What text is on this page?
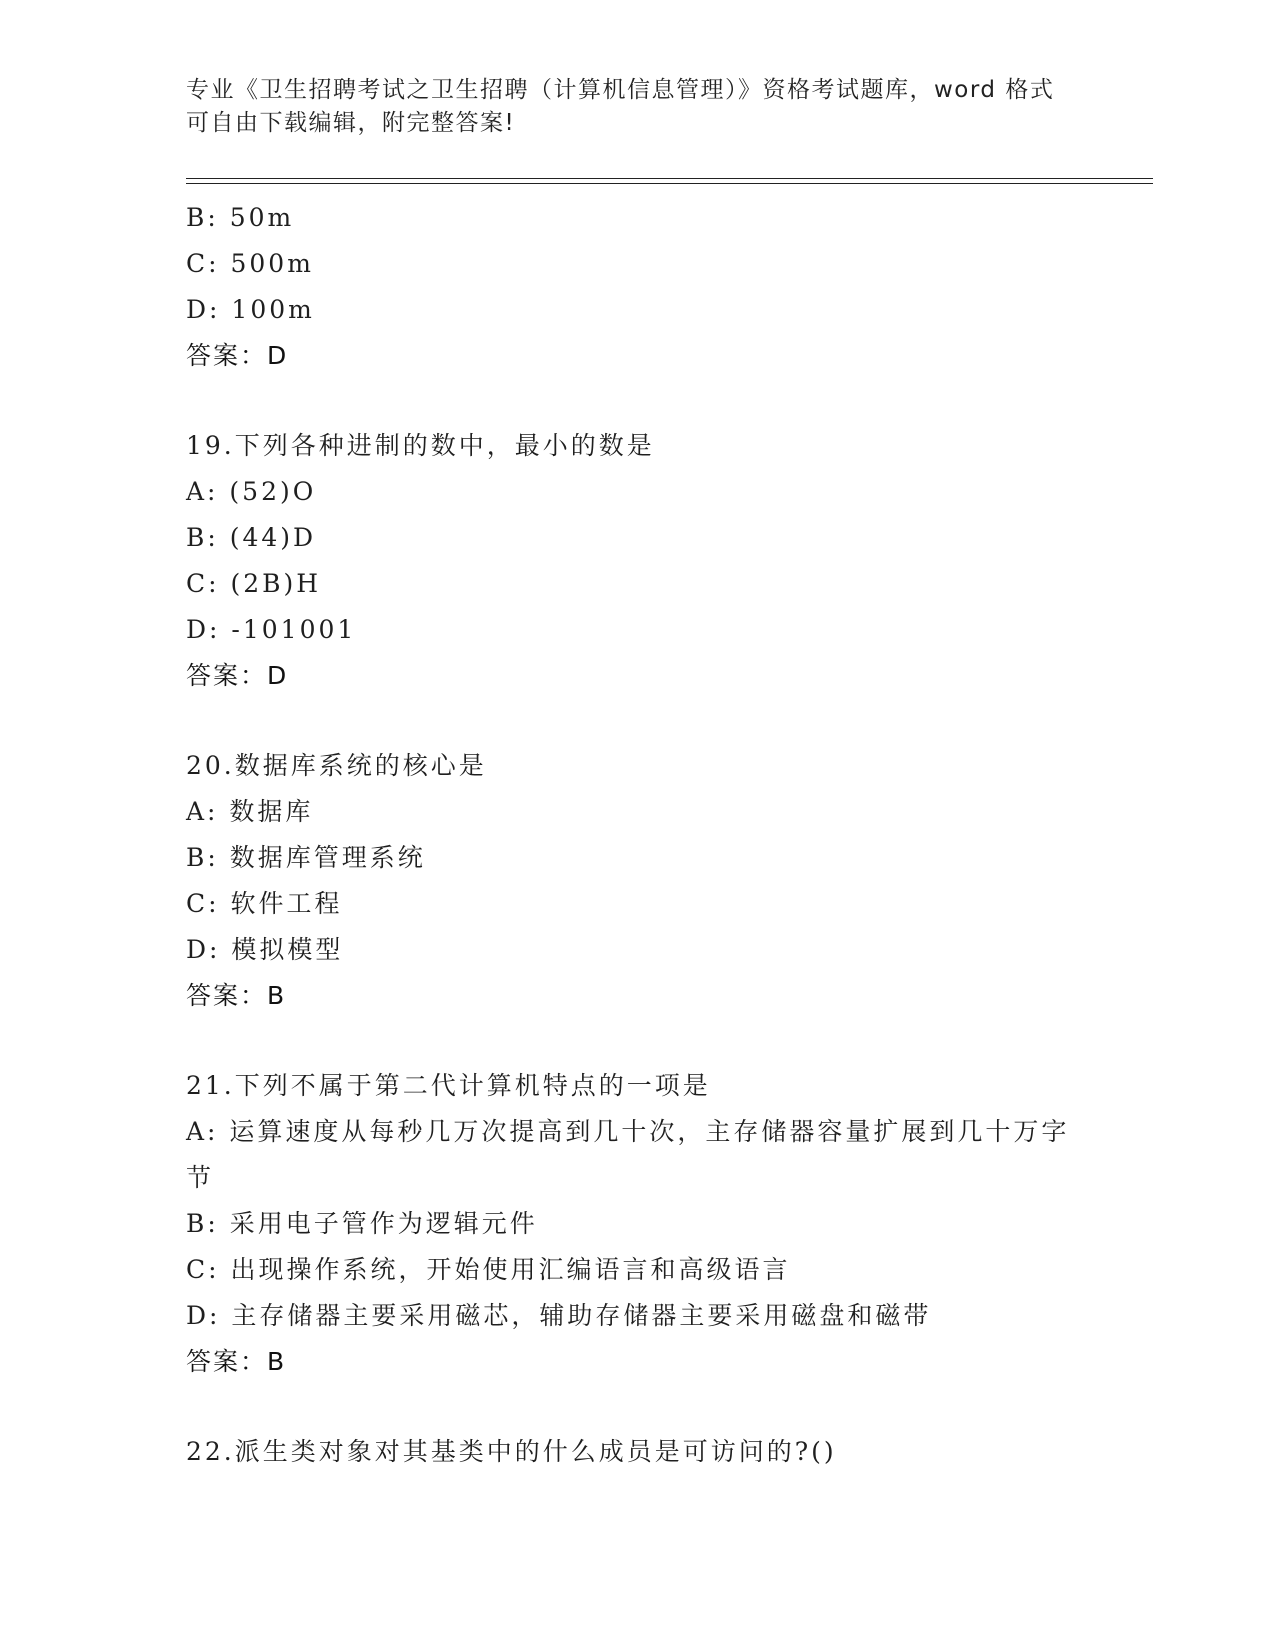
专业《卫生招聘考试之卫生招聘（计算机信息管理）》资格考试题库，word 格式
可自由下载编辑，附完整答案!
B: 50m
C: 500m
D: 100m
答案：D
19.下列各种进制的数中，最小的数是
A: (52)O
B: (44)D
C: (2B)H
D: -101001
答案：D
20.数据库系统的核心是
A: 数据库
B: 数据库管理系统
C: 软件工程
D: 模拟模型
答案：B
21.下列不属于第二代计算机特点的一项是
A: 运算速度从每秒几万次提高到几十次，主存储器容量扩展到几十万字节
B: 采用电子管作为逻辑元件
C: 出现操作系统，开始使用汇编语言和高级语言
D: 主存储器主要采用磁芯，辅助存储器主要采用磁盘和磁带
答案：B
22.派生类对象对其基类中的什么成员是可访问的?()
